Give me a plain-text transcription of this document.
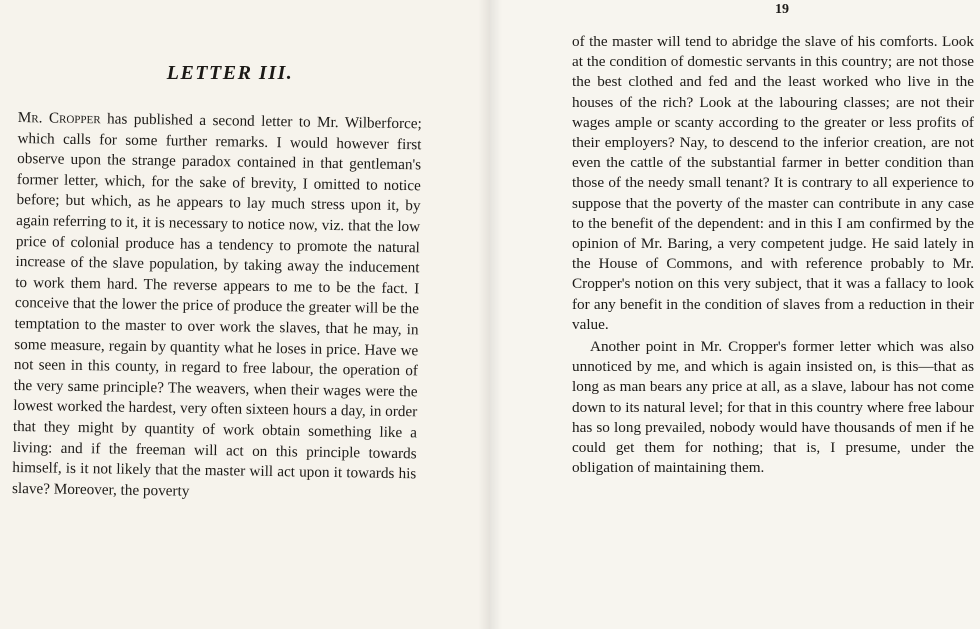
LETTER III.

Mr. Cropper has published a second letter to Mr. Wilberforce; which calls for some further remarks. I would however first observe upon the strange paradox contained in that gentleman's former letter, which, for the sake of brevity, I omitted to notice before; but which, as he appears to lay much stress upon it, by again referring to it, it is necessary to notice now, viz. that the low price of colonial produce has a tendency to promote the natural increase of the slave population, by taking away the inducement to work them hard. The reverse appears to me to be the fact. I conceive that the lower the price of produce the greater will be the temptation to the master to over work the slaves, that he may, in some measure, regain by quantity what he loses in price. Have we not seen in this county, in regard to free labour, the operation of the very same principle? The weavers, when their wages were the lowest worked the hardest, very often sixteen hours a day, in order that they might by quantity of work obtain something like a living: and if the freeman will act on this principle towards himself, is it not likely that the master will act upon it towards his slave? Moreover, the poverty

19

of the master will tend to abridge the slave of his comforts. Look at the condition of domestic servants in this country; are not those the best clothed and fed and the least worked who live in the houses of the rich? Look at the labouring classes; are not their wages ample or scanty according to the greater or less profits of their employers? Nay, to descend to the inferior creation, are not even the cattle of the substantial farmer in better condition than those of the needy small tenant? It is contrary to all experience to suppose that the poverty of the master can contribute in any case to the benefit of the dependent: and in this I am confirmed by the opinion of Mr. Baring, a very competent judge. He said lately in the House of Commons, and with reference probably to Mr. Cropper's notion on this very subject, that it was a fallacy to look for any benefit in the condition of slaves from a reduction in their value.

Another point in Mr. Cropper's former letter which was also unnoticed by me, and which is again insisted on, is this—that as long as man bears any price at all, as a slave, labour has not come down to its natural level; for that in this country where free labour has so long prevailed, nobody would have thousands of men if he could get them for nothing; that is, I presume, under the obligation of maintaining them.
